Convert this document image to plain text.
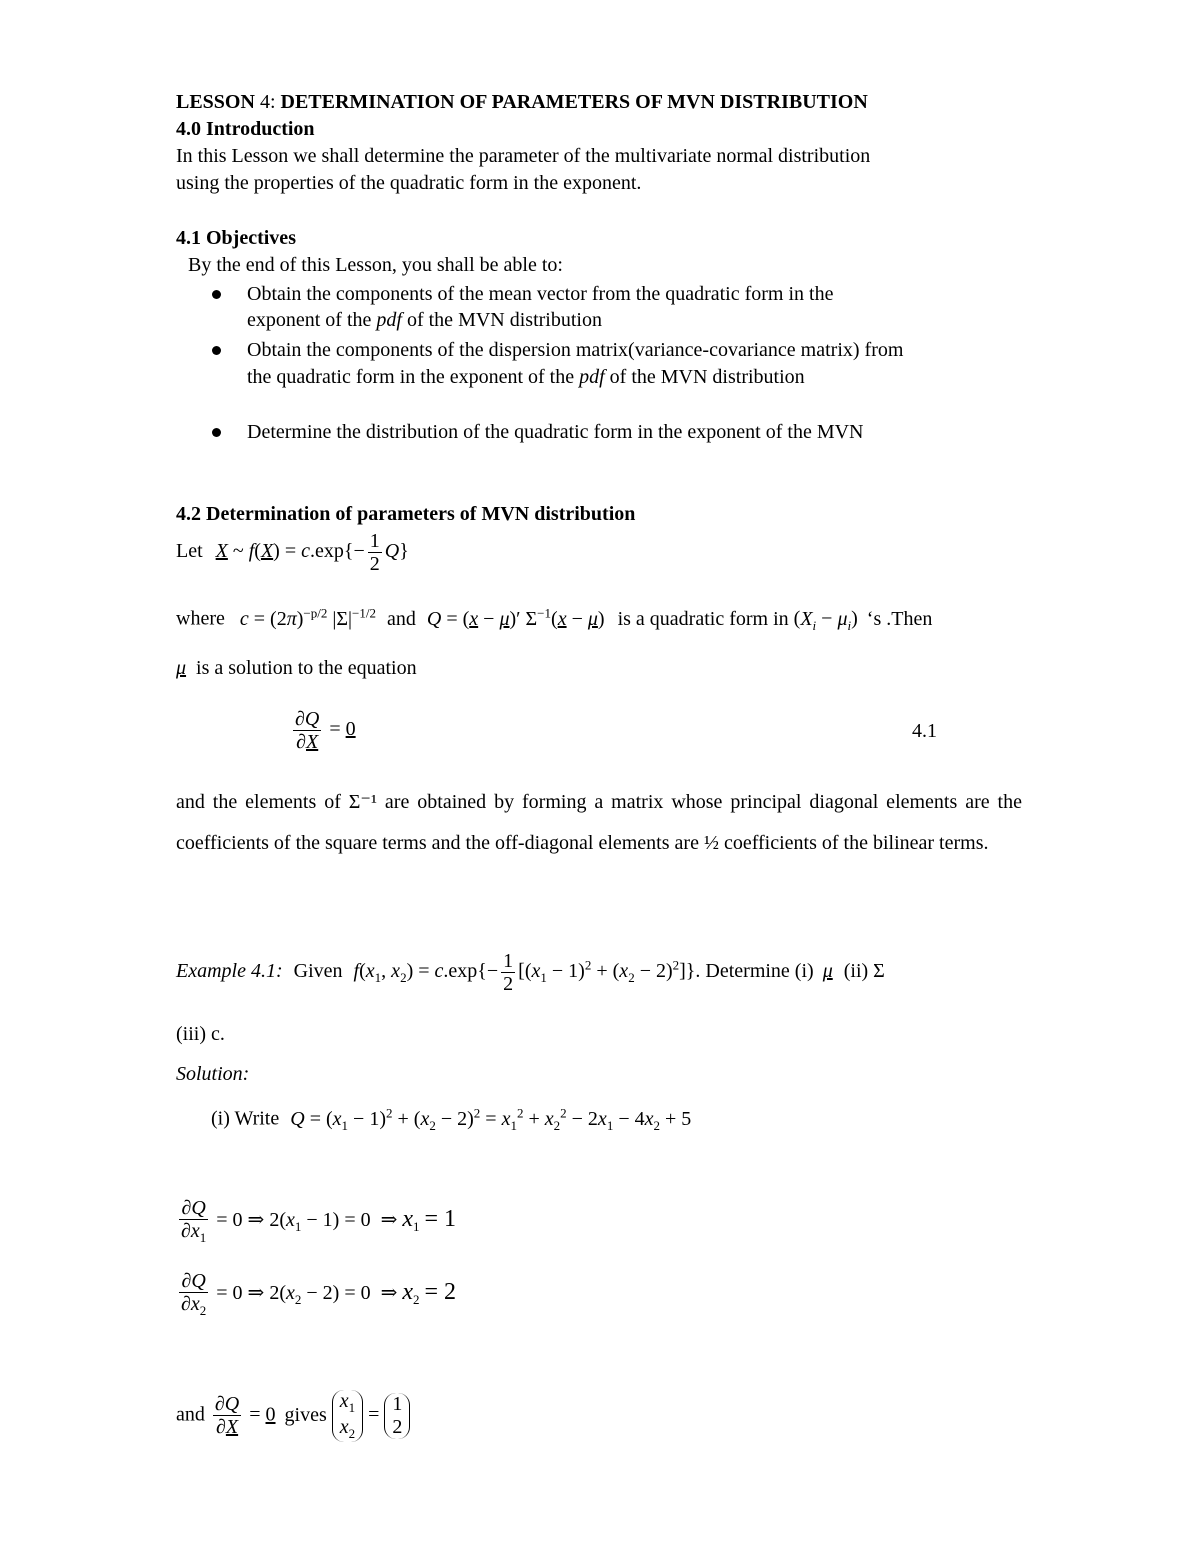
LESSON 4: DETERMINATION OF PARAMETERS OF MVN DISTRIBUTION
4.0 Introduction
In this Lesson we shall determine the parameter of the multivariate normal distribution
using the properties of the quadratic form in the exponent.
4.1 Objectives
By the end of this Lesson, you shall be able to:
Obtain the components of the mean vector from the quadratic form in the
exponent of the pdf of the MVN distribution
Obtain the components of the dispersion matrix(variance-covariance matrix) from
the quadratic form in the exponent of the pdf of the MVN distribution
Determine the distribution of the quadratic form in the exponent of the MVN
4.2 Determination of parameters of MVN distribution
Let X ~ $f(X) = c.\exp\{- \frac{1}{2} Q\}$
where $c = (2\pi)^{-p/2}$ $|\Sigma|^{-1/2}$ and Q = (x − μ)′ $\Sigma^{-1}(x - \mu)$ is a quadratic form in $(X_i - \mu_i)$ ‘s .Then
μ is a solution to the equation
$\frac{\partial Q}{\partial X} = 0$	4.1
and the elements of Σ⁻¹ are obtained by forming a matrix whose principal diagonal elements are the coefficients of the square terms and the off-diagonal elements are ½ coefficients of the bilinear terms.
Example 4.1: Given $f(x_1$, $x_2) = c.\exp\{- \frac{1}{2} [(x_1 - 1)^2 + (x_2 - 2)^2]\}$. Determine (i) μ (ii) Σ
(iii) c.
Solution:
(i) Write $Q = (x_1 - 1)^2 + (x_2 - 2)^2 = x_1^2 + x_2^2 - 2x_1 - 4x_2 + 5$
$\frac{\partial Q}{\partial x_1} = 0$ ⇒ $2(x_1 - 1) = 0$  ⇒ $x_1 = 1$
$\frac{\partial Q}{\partial x_2} = 0$ ⇒ $2(x_2 - 2) = 0$  ⇒ $x_2 = 2$
and $\frac{\partial Q}{\partial X} = 0$ gives $x_1$
$x_2 = 1$
2
